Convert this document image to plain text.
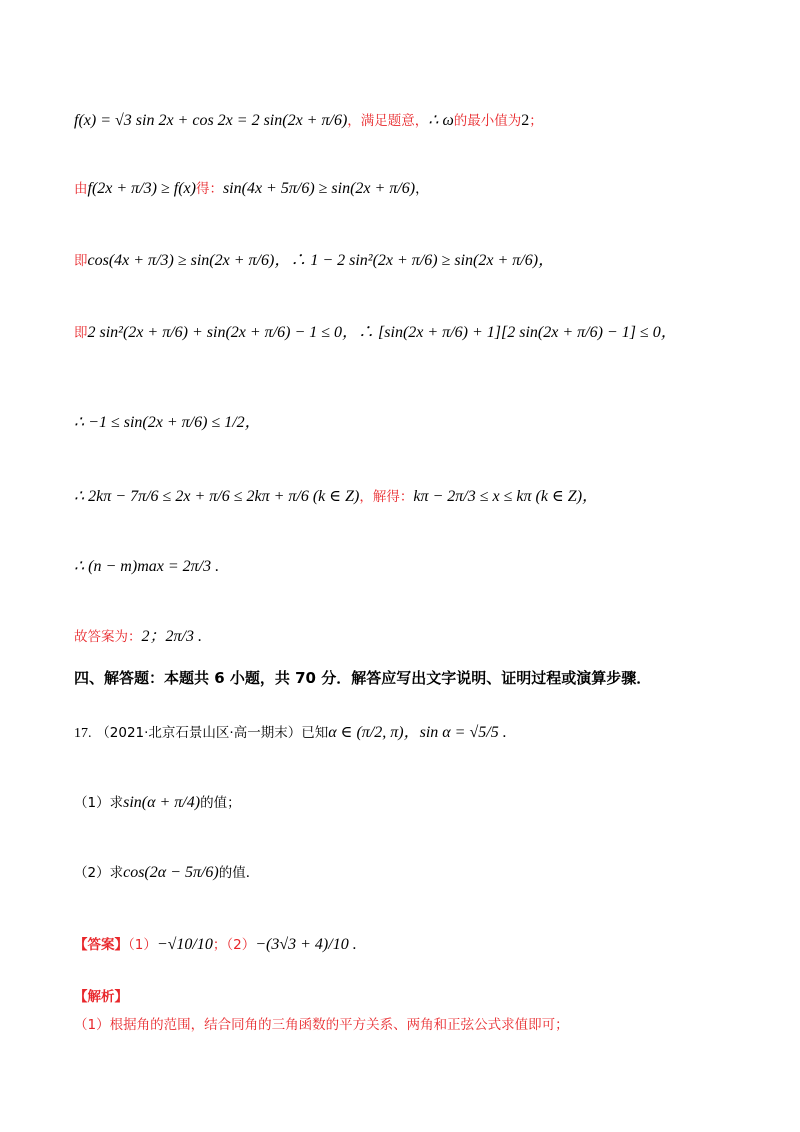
f(x) = √3 sin 2x + cos 2x = 2 sin(2x + π/6)，满足题意，∴ ω的最小值为2；
由f(2x + π/3) ≥ f(x)得：sin(4x + 5π/6) ≥ sin(2x + π/6)，
即cos(4x + π/3) ≥ sin(2x + π/6)，∴ 1 − 2 sin²(2x + π/6) ≥ sin(2x + π/6)，
即2 sin²(2x + π/6) + sin(2x + π/6) − 1 ≤ 0，∴ [sin(2x + π/6) + 1][2 sin(2x + π/6) − 1] ≤ 0，
∴ −1 ≤ sin(2x + π/6) ≤ 1/2，
∴ 2kπ − 7π/6 ≤ 2x + π/6 ≤ 2kπ + π/6 (k ∈ Z)，解得：kπ − 2π/3 ≤ x ≤ kπ (k ∈ Z)，
∴ (n − m)max = 2π/3 .
故答案为：2；2π/3 .
四、解答题：本题共 6 小题，共 70 分．解答应写出文字说明、证明过程或演算步骤．
17. （2021·北京石景山区·高一期末）已知α ∈ (π/2, π)，sin α = √5/5 .
（1）求sin(α + π/4)的值；
（2）求cos(2α − 5π/6)的值．
【答案】（1）−√10/10；（2）−(3√3 + 4)/10 .
【解析】
（1）根据角的范围，结合同角的三角函数的平方关系、两角和正弦公式求值即可；
